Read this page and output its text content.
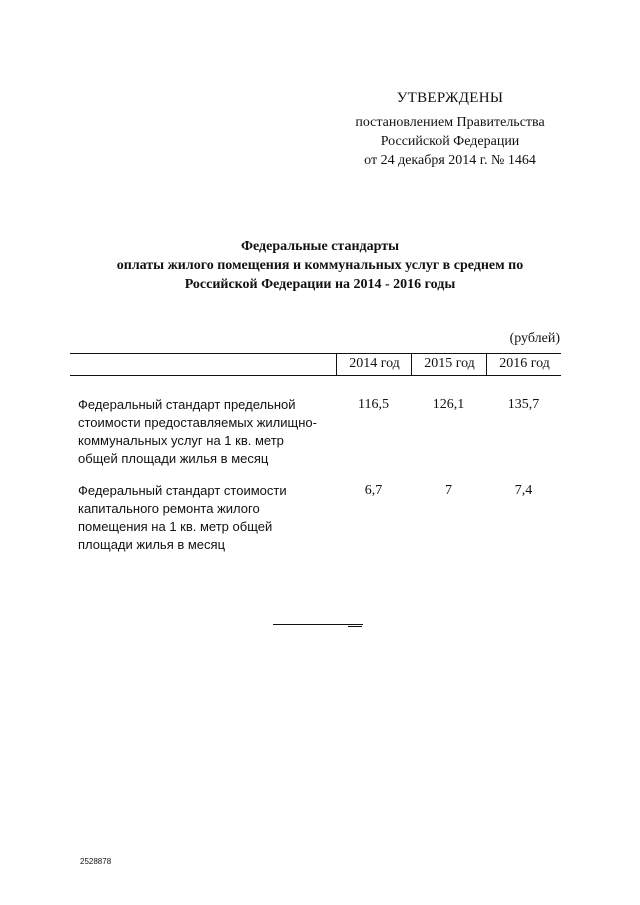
УТВЕРЖДЕНЫ
постановлением Правительства
Российской Федерации
от 24 декабря 2014 г. № 1464
Федеральные стандарты
оплаты жилого помещения и коммунальных услуг в среднем по
Российской Федерации на 2014 - 2016 годы
(рублей)
2014 год	2015 год	2016 год
Федеральный стандарт предельной
стоимости предоставляемых жилищно-
коммунальных услуг на 1 кв. метр
общей площади жилья в месяц
116,5	126,1	135,7
Федеральный стандарт стоимости
капитального ремонта жилого
помещения на 1 кв. метр общей
площади жилья в месяц
6,7	7	7,4
2528878
